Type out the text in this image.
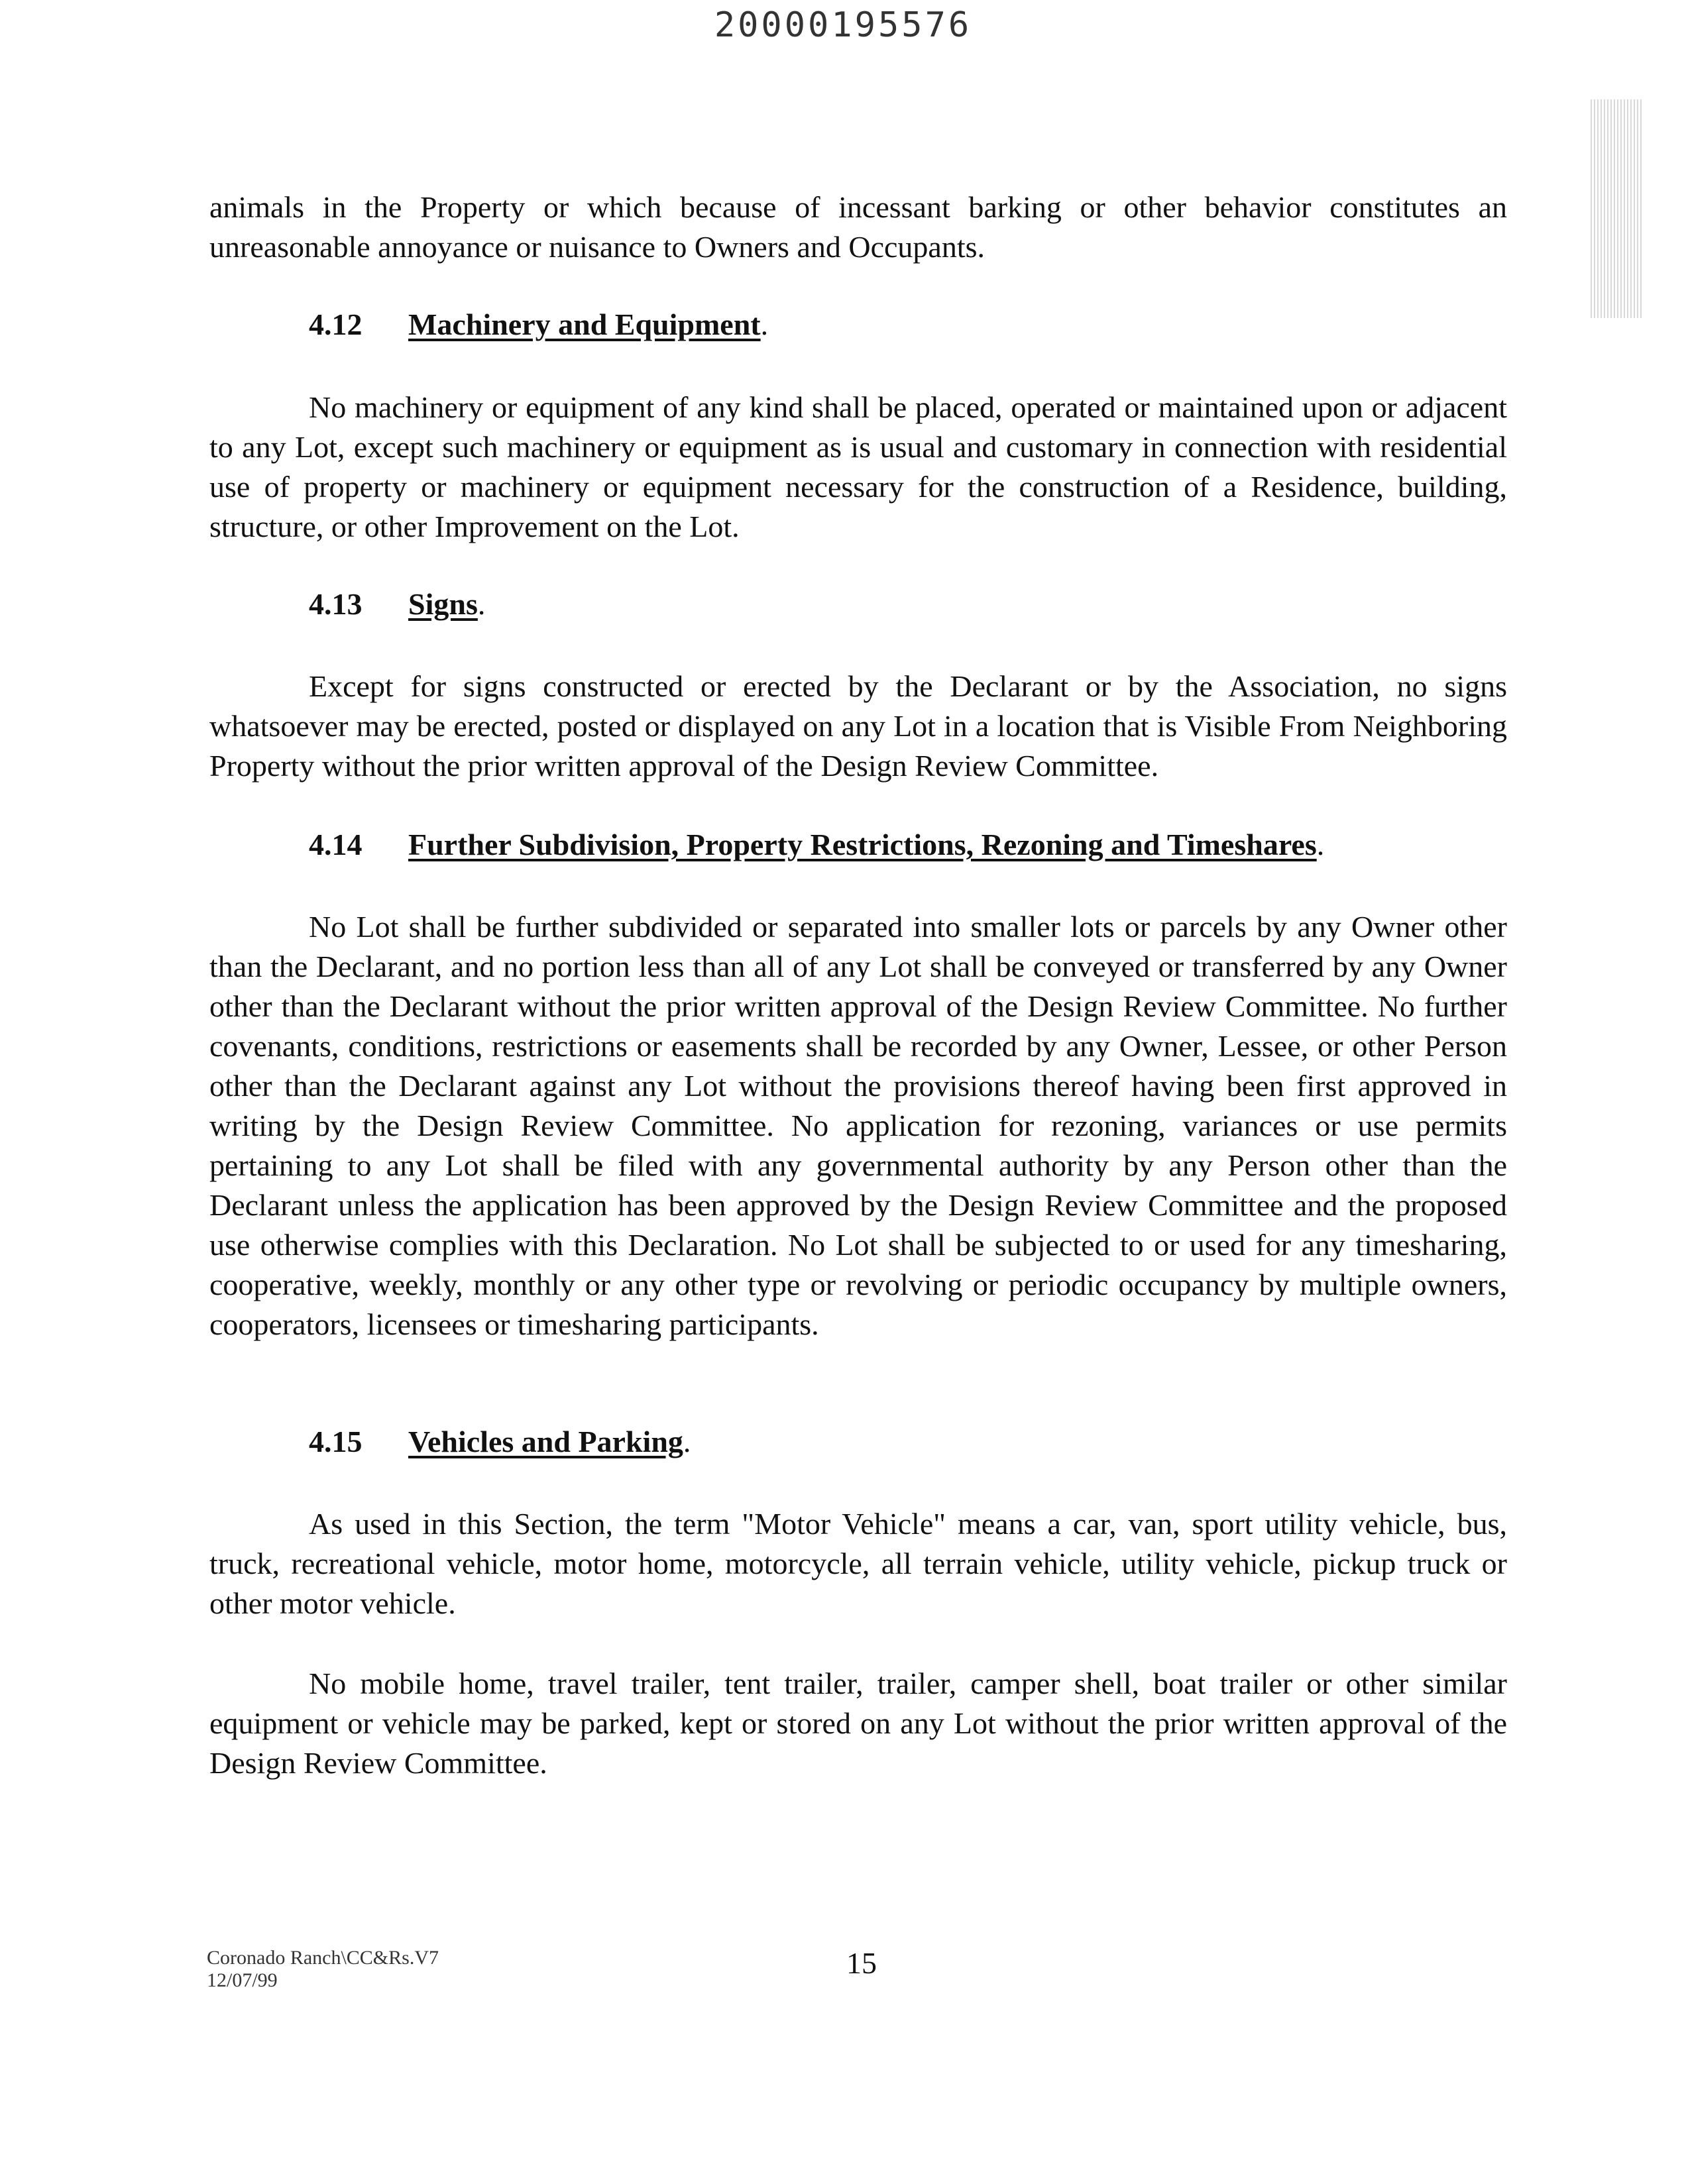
20000195576

animals in the Property or which because of incessant barking or other behavior constitutes an unreasonable annoyance or nuisance to Owners and Occupants.

4.12 Machinery and Equipment.

No machinery or equipment of any kind shall be placed, operated or maintained upon or adjacent to any Lot, except such machinery or equipment as is usual and customary in connection with residential use of property or machinery or equipment necessary for the construction of a Residence, building, structure, or other Improvement on the Lot.

4.13 Signs.

Except for signs constructed or erected by the Declarant or by the Association, no signs whatsoever may be erected, posted or displayed on any Lot in a location that is Visible From Neighboring Property without the prior written approval of the Design Review Committee.

4.14 Further Subdivision, Property Restrictions, Rezoning and Timeshares.

No Lot shall be further subdivided or separated into smaller lots or parcels by any Owner other than the Declarant, and no portion less than all of any Lot shall be conveyed or transferred by any Owner other than the Declarant without the prior written approval of the Design Review Committee. No further covenants, conditions, restrictions or easements shall be recorded by any Owner, Lessee, or other Person other than the Declarant against any Lot without the provisions thereof having been first approved in writing by the Design Review Committee. No application for rezoning, variances or use permits pertaining to any Lot shall be filed with any governmental authority by any Person other than the Declarant unless the application has been approved by the Design Review Committee and the proposed use otherwise complies with this Declaration. No Lot shall be subjected to or used for any timesharing, cooperative, weekly, monthly or any other type or revolving or periodic occupancy by multiple owners, cooperators, licensees or timesharing participants.

4.15 Vehicles and Parking.

As used in this Section, the term "Motor Vehicle" means a car, van, sport utility vehicle, bus, truck, recreational vehicle, motor home, motorcycle, all terrain vehicle, utility vehicle, pickup truck or other motor vehicle.

No mobile home, travel trailer, tent trailer, trailer, camper shell, boat trailer or other similar equipment or vehicle may be parked, kept or stored on any Lot without the prior written approval of the Design Review Committee.

Coronado Ranch\CC&Rs.V7
12/07/99
15
